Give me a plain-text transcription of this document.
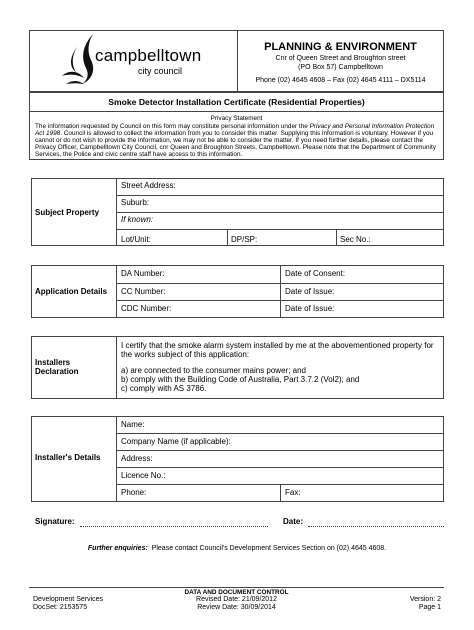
campbelltown
city council
PLANNING & ENVIRONMENT
Cnr of Queen Street and Broughton street
(PO Box 57) Campbelltown
Phone (02) 4645 4608 – Fax (02) 4645 4111 – DX5114
Smoke Detector Installation Certificate (Residential Properties)
Privacy Statement
The information requested by Council on this form may constitute personal information under the Privacy and Personal Information Protection
Act 1998. Council is allowed to collect the information from you to consider this matter. Supplying this information is voluntary. However if you
cannot or do not wish to provide the information, we may not be able to consider the matter. If you need further details, please contact the
Privacy Officer, Campbelltown City Council, cnr Queen and Broughton Streets, Campbelltown. Please note that the Department of Community
Services, the Police and civic centre staff have access to this information.
Subject Property
Street Address:
Suburb:
If known:
Lot/Unit:	DP/SP:	Sec No.:
Application Details
DA Number:	Date of Consent:
CC Number:	Date of Issue:
CDC Number:	Date of Issue:
Installers
Declaration
I certify that the smoke alarm system installed by me at the abovementioned property for
the works subject of this application:
a) are connected to the consumer mains power; and
b) comply with the Building Code of Australia, Part 3.7.2 (Vol2); and
c) comply with AS 3786.
Installer's Details
Name:
Company Name (if applicable):
Address:
Licence No.:
Phone:	Fax:
Signature:	Date:
Further enquiries: Please contact Council's Development Services Section on (02) 4645 4608.
DATA AND DOCUMENT CONTROL
Development Services
DocSet: 2153575
Revised Date: 21/09/2012
Review Date: 30/09/2014
Version: 2
Page 1
